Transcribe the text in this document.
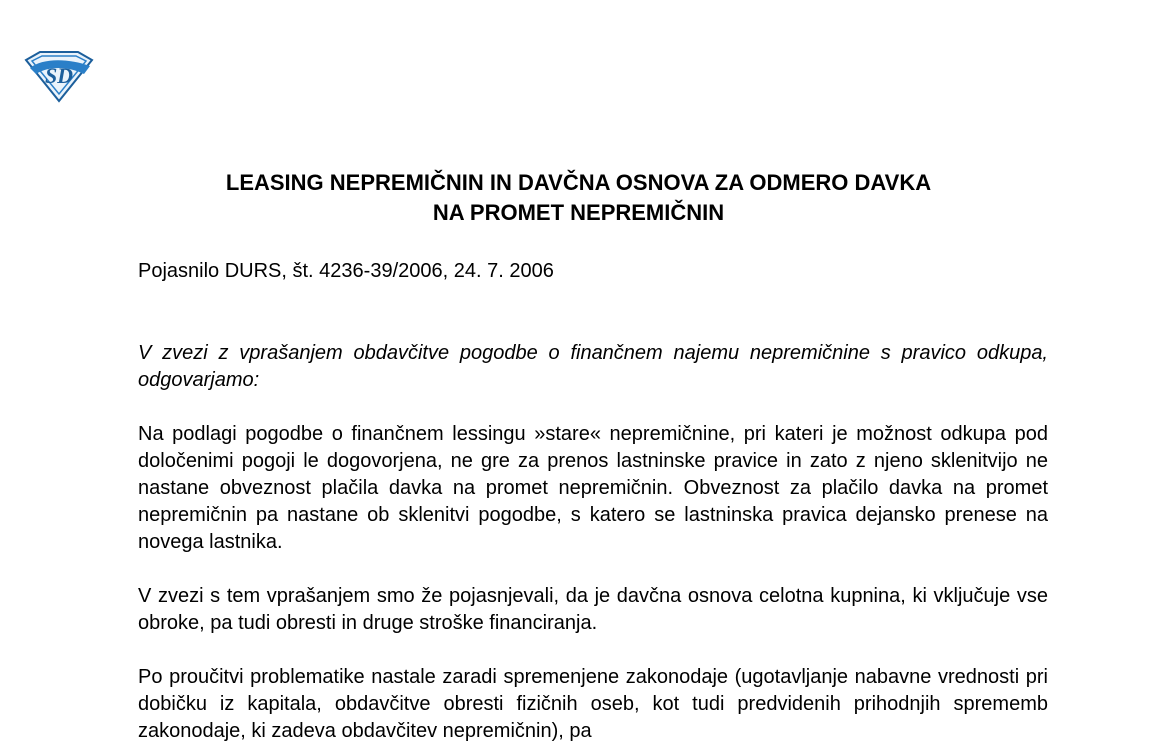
SD
LEASING NEPREMIČNIN IN DAVČNA OSNOVA ZA ODMERO DAVKA
NA PROMET NEPREMIČNIN

Pojasnilo DURS, št. 4236-39/2006, 24. 7. 2006

V zvezi z vprašanjem obdavčitve pogodbe o finančnem najemu nepremičnine s pravico odkupa, odgovarjamo:

Na podlagi pogodbe o finančnem lessingu »stare« nepremičnine, pri kateri je možnost odkupa pod določenimi pogoji le dogovorjena, ne gre za prenos lastninske pravice in zato z njeno sklenitvijo ne nastane obveznost plačila davka na promet nepremičnin. Obveznost za plačilo davka na promet nepremičnin pa nastane ob sklenitvi pogodbe, s katero se lastninska pravica dejansko prenese na novega lastnika.

V zvezi s tem vprašanjem smo že pojasnjevali, da je davčna osnova celotna kupnina, ki vključuje vse obroke, pa tudi obresti in druge stroške financiranja.

Po proučitvi problematike nastale zaradi spremenjene zakonodaje (ugotavljanje nabavne vrednosti pri dobičku iz kapitala, obdavčitve obresti fizičnih oseb, kot tudi predvidenih prihodnjih sprememb zakonodaje, ki zadeva obdavčitev nepremičnin), pa
